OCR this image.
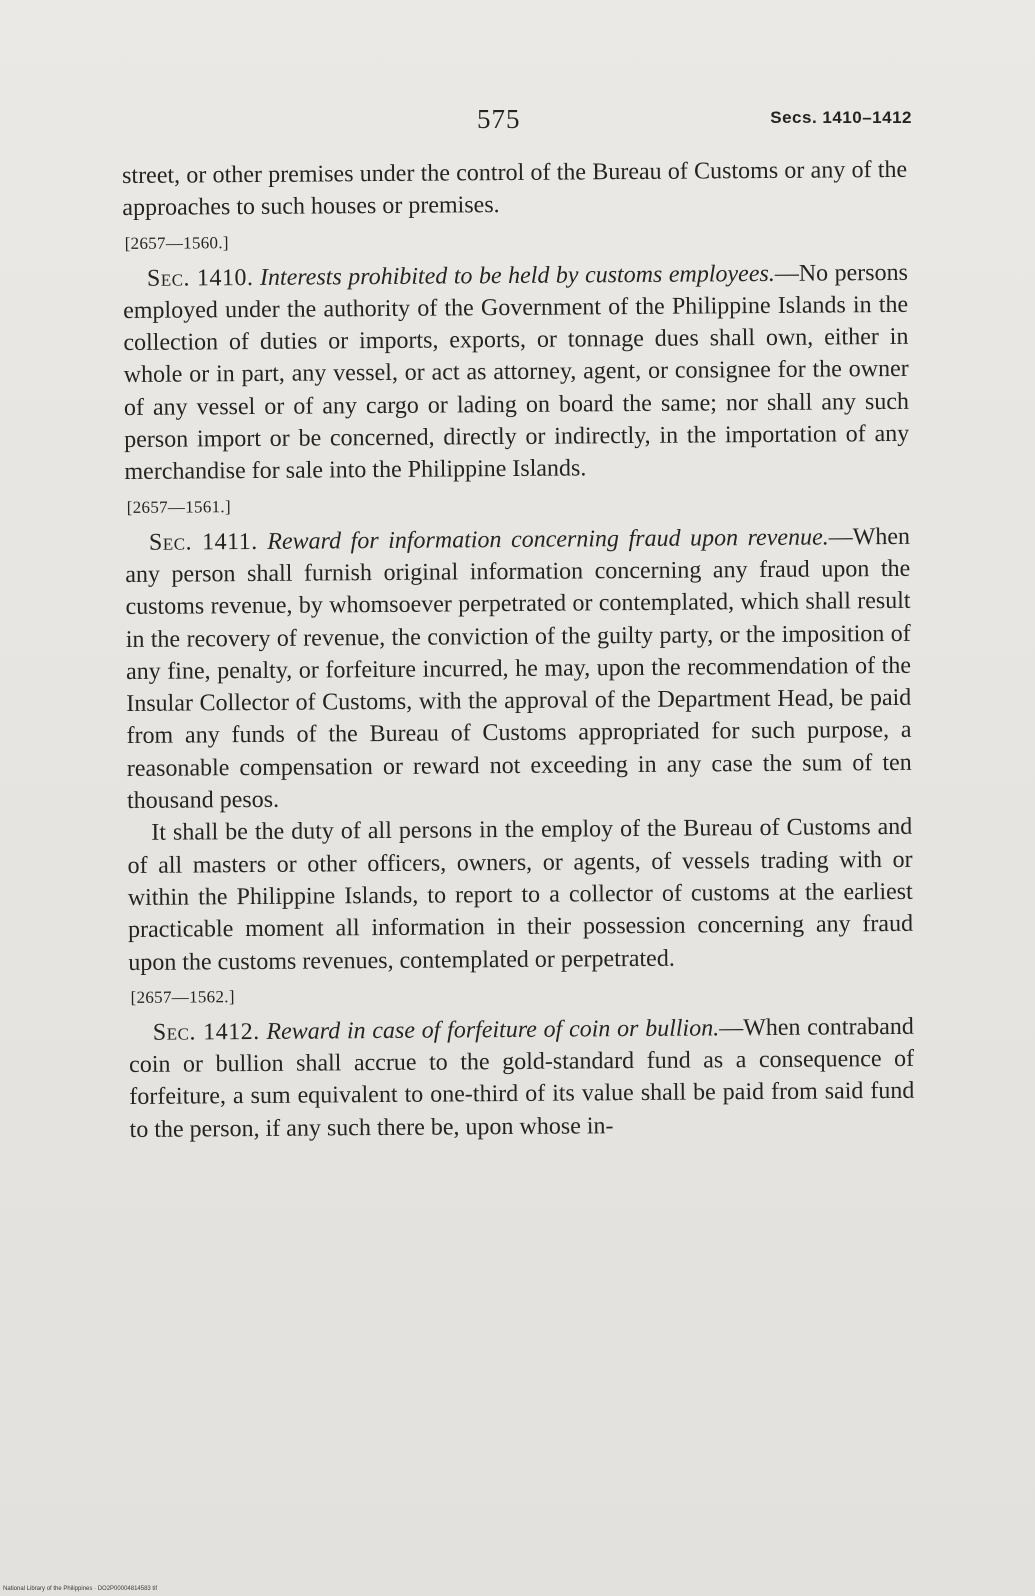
575	Secs. 1410–1412

street, or other premises under the control of the Bureau of Customs or any of the approaches to such houses or premises.

[2657—1560.]

Sec. 1410. Interests prohibited to be held by customs employees.—No persons employed under the authority of the Government of the Philippine Islands in the collection of duties or imports, exports, or tonnage dues shall own, either in whole or in part, any vessel, or act as attorney, agent, or consignee for the owner of any vessel or of any cargo or lading on board the same; nor shall any such person import or be concerned, directly or indirectly, in the importation of any merchandise for sale into the Philippine Islands.

[2657—1561.]

Sec. 1411. Reward for information concerning fraud upon revenue.—When any person shall furnish original information concerning any fraud upon the customs revenue, by whomsoever perpetrated or contemplated, which shall result in the recovery of revenue, the conviction of the guilty party, or the imposition of any fine, penalty, or forfeiture incurred, he may, upon the recommendation of the Insular Collector of Customs, with the approval of the Department Head, be paid from any funds of the Bureau of Customs appropriated for such purpose, a reasonable compensation or reward not exceeding in any case the sum of ten thousand pesos.

It shall be the duty of all persons in the employ of the Bureau of Customs and of all masters or other officers, owners, or agents, of vessels trading with or within the Philippine Islands, to report to a collector of customs at the earliest practicable moment all information in their possession concerning any fraud upon the customs revenues, contemplated or perpetrated.

[2657—1562.]

Sec. 1412. Reward in case of forfeiture of coin or bullion.—When contraband coin or bullion shall accrue to the gold-standard fund as a consequence of forfeiture, a sum equivalent to one-third of its value shall be paid from said fund to the person, if any such there be, upon whose in-

National Library of the Philippines · DO2P00004814583 tif
